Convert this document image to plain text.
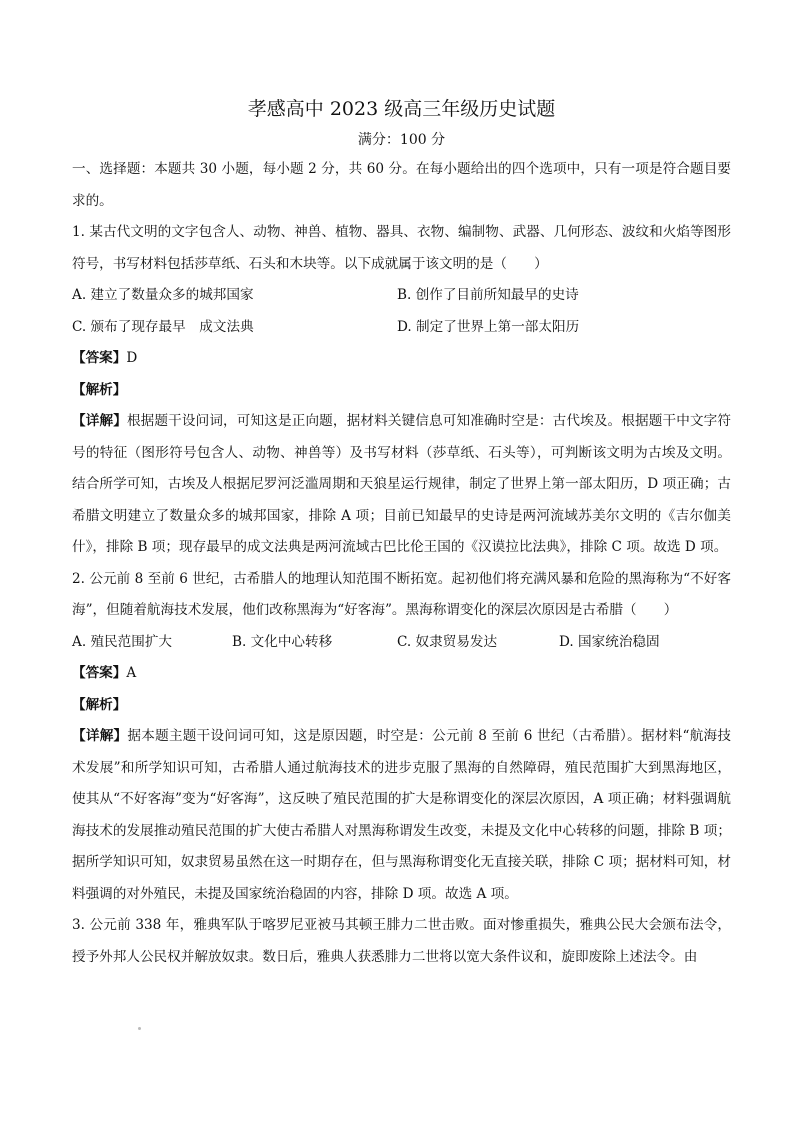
孝感高中 2023 级高三年级历史试题

满分：100 分

一、选择题：本题共 30 小题，每小题 2 分，共 60 分。在每小题给出的四个选项中，只有一项是符合题目要求的。

1. 某古代文明的文字包含人、动物、神兽、植物、器具、衣物、编制物、武器、几何形态、波纹和火焰等图形符号，书写材料包括莎草纸、石头和木块等。以下成就属于该文明的是（　　）

A. 建立了数量众多的城邦国家	B. 创作了目前所知最早的史诗
C. 颁布了现存最早　成文法典	D. 制定了世界上第一部太阳历

【答案】D

【解析】

【详解】根据题干设问词，可知这是正向题，据材料关键信息可知准确时空是：古代埃及。根据题干中文字符号的特征（图形符号包含人、动物、神兽等）及书写材料（莎草纸、石头等），可判断该文明为古埃及文明。结合所学可知，古埃及人根据尼罗河泛滥周期和天狼星运行规律，制定了世界上第一部太阳历，D 项正确；古希腊文明建立了数量众多的城邦国家，排除 A 项；目前已知最早的史诗是两河流域苏美尔文明的《吉尔伽美什》，排除 B 项；现存最早的成文法典是两河流域古巴比伦王国的《汉谟拉比法典》，排除 C 项。故选 D 项。

2. 公元前 8 至前 6 世纪，古希腊人的地理认知范围不断拓宽。起初他们将充满风暴和危险的黑海称为“不好客海”，但随着航海技术发展，他们改称黑海为“好客海”。黑海称谓变化的深层次原因是古希腊（　　）

A. 殖民范围扩大	B. 文化中心转移	C. 奴隶贸易发达	D. 国家统治稳固

【答案】A

【解析】

【详解】据本题主题干设问词可知，这是原因题，时空是：公元前 8 至前 6 世纪（古希腊）。据材料“航海技术发展”和所学知识可知，古希腊人通过航海技术的进步克服了黑海的自然障碍，殖民范围扩大到黑海地区，使其从“不好客海”变为“好客海”，这反映了殖民范围的扩大是称谓变化的深层次原因，A 项正确；材料强调航海技术的发展推动殖民范围的扩大使古希腊人对黑海称谓发生改变，未提及文化中心转移的问题，排除 B 项；据所学知识可知，奴隶贸易虽然在这一时期存在，但与黑海称谓变化无直接关联，排除 C 项；据材料可知，材料强调的对外殖民，未提及国家统治稳固的内容，排除 D 项。故选 A 项。

3. 公元前 338 年，雅典军队于喀罗尼亚被马其顿王腓力二世击败。面对惨重损失，雅典公民大会颁布法令，授予外邦人公民权并解放奴隶。数日后，雅典人获悉腓力二世将以宽大条件议和，旋即废除上述法令。由
